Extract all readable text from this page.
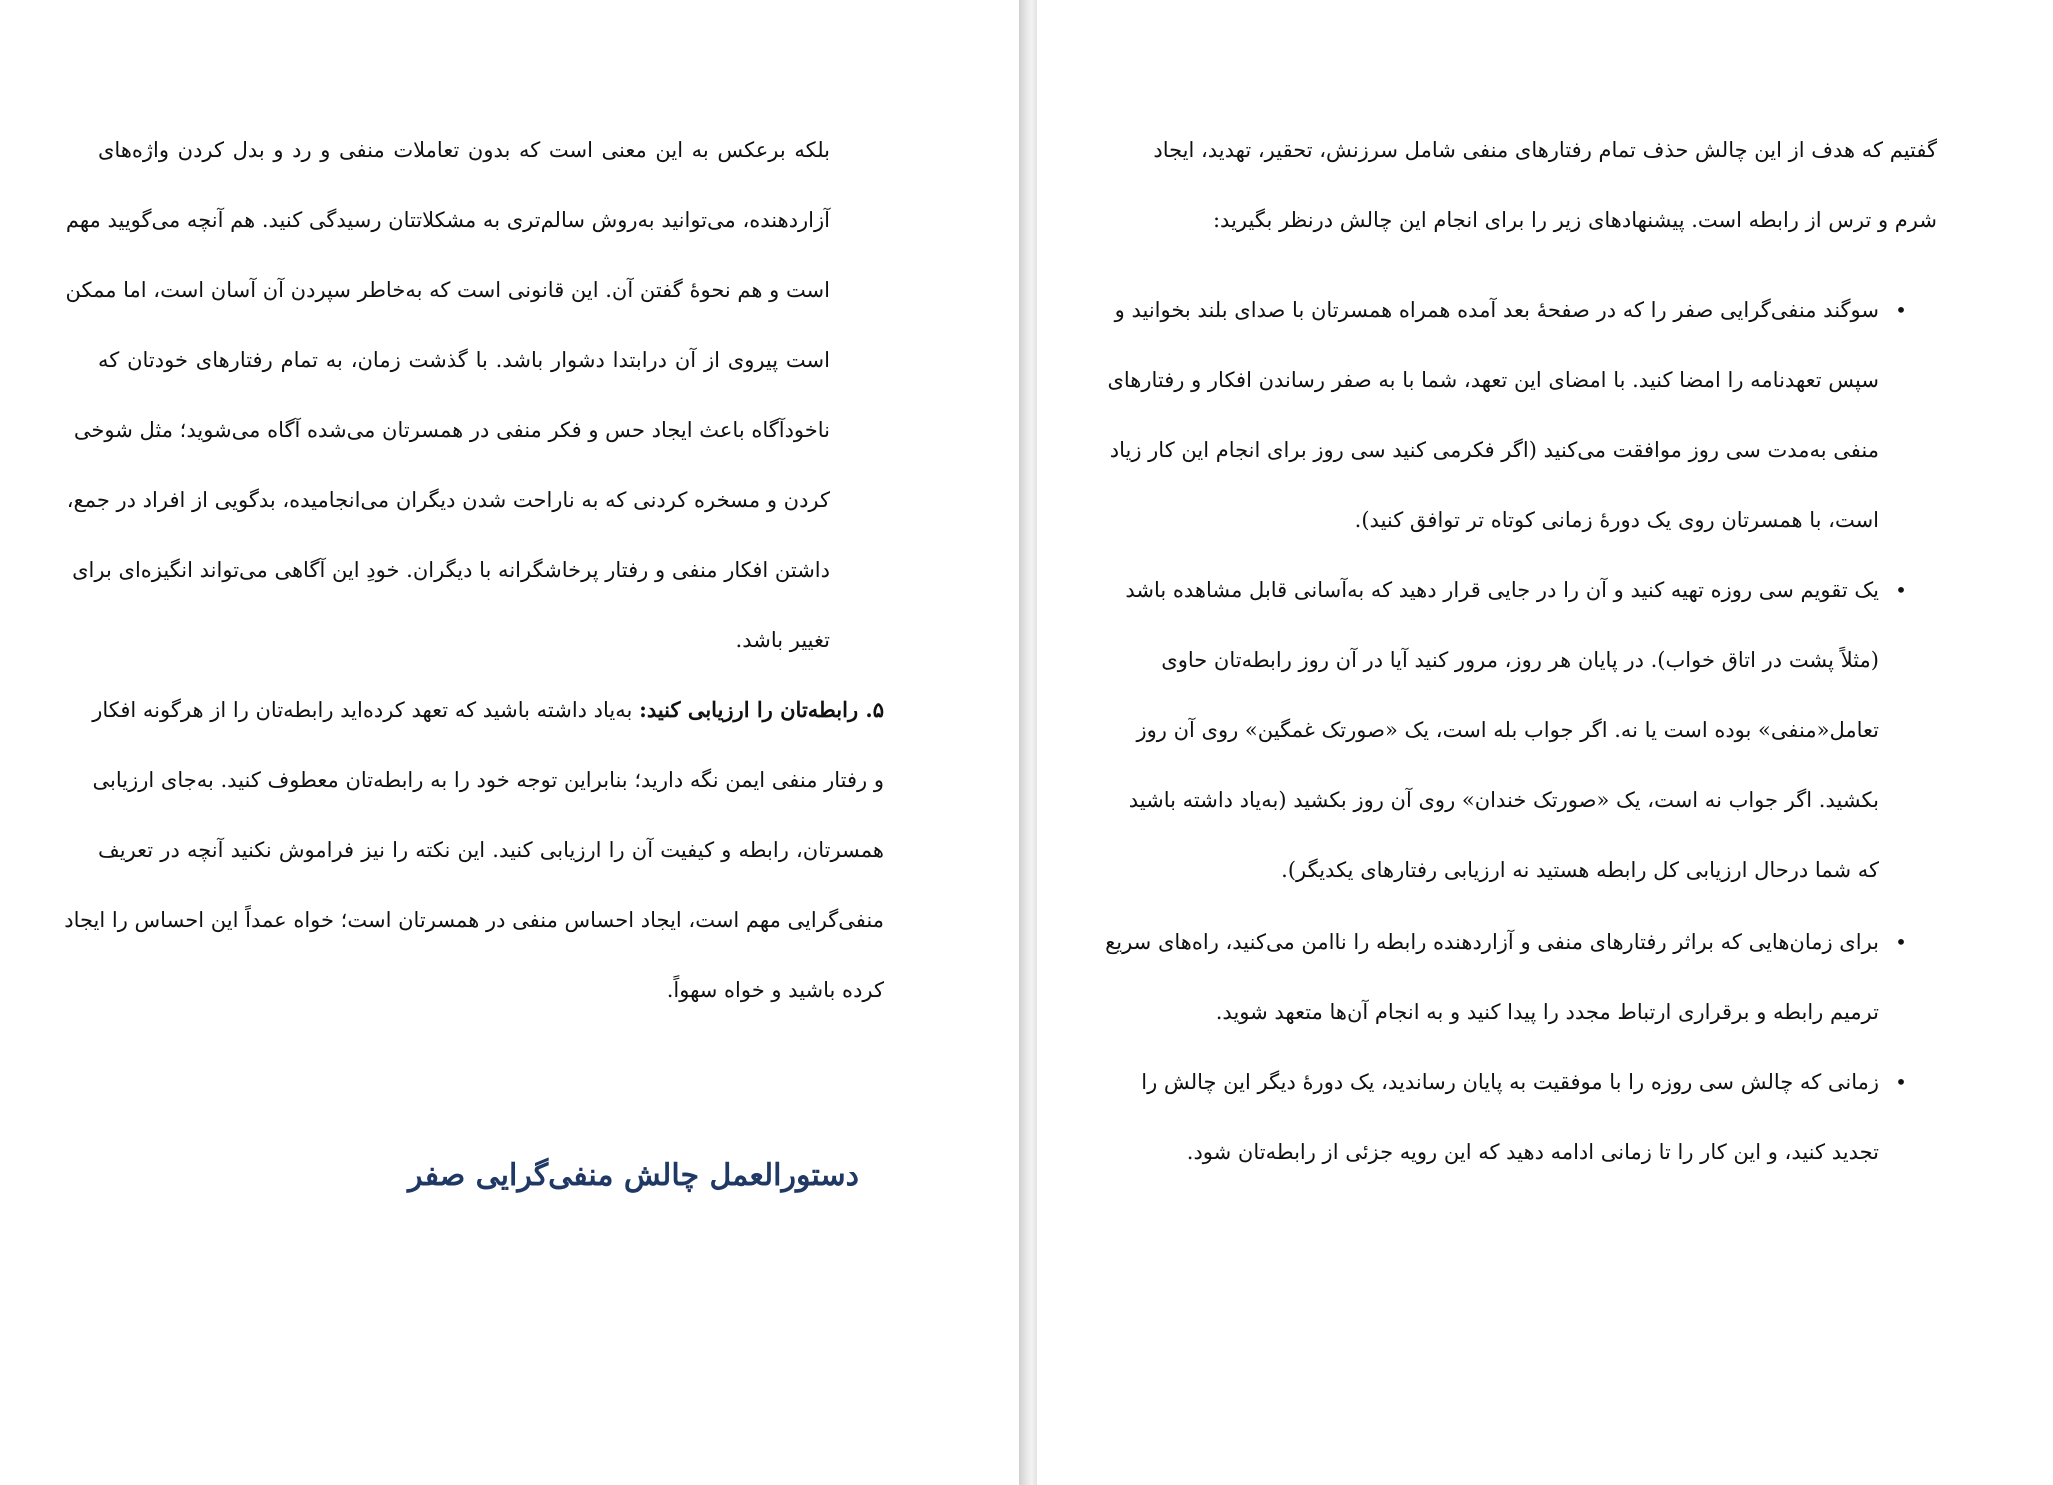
بلکه برعکس به این معنی است که بدون تعاملات منفی و رد و بدل کردن واژه‌های
آزاردهنده، می‌توانید به‌روش سالم‌تری به مشکلاتتان رسیدگی کنید. هم آنچه می‌گویید مهم
است و هم نحوۀ گفتن آن. این قانونی است که به‌خاطر سپردن آن آسان است، اما ممکن
است پیروی از آن درابتدا دشوار باشد. با گذشت زمان، به تمام رفتارهای خودتان که
ناخودآگاه باعث ایجاد حس و فکر منفی در همسرتان می‌شده آگاه می‌شوید؛ مثل شوخی
کردن و مسخره کردنی که به ناراحت شدن دیگران می‌انجامیده، بدگویی از افراد در جمع،
داشتن افکار منفی و رفتار پرخاشگرانه با دیگران. خودِ این آگاهی می‌تواند انگیزه‌ای برای
تغییر باشد.
۵. رابطه‌تان را ارزیابی کنید: به‌یاد داشته باشید که تعهد کرده‌اید رابطه‌تان را از هرگونه افکار
و رفتار منفی ایمن نگه دارید؛ بنابراین توجه خود را به رابطه‌تان معطوف کنید. به‌جای ارزیابی
همسرتان، رابطه و کیفیت آن را ارزیابی کنید. این نکته را نیز فراموش نکنید آنچه در تعریف
منفی‌گرایی مهم است، ایجاد احساس منفی در همسرتان است؛ خواه عمداً این احساس را ایجاد
کرده باشید و خواه سهواً.
دستورالعمل چالش منفی‌گرایی صفر
گفتیم که هدف از این چالش حذف تمام رفتارهای منفی شامل سرزنش، تحقیر، تهدید، ایجاد
شرم و ترس از رابطه است. پیشنهادهای زیر را برای انجام این چالش درنظر بگیرید:
•
سوگند منفی‌گرایی صفر را که در صفحۀ بعد آمده همراه همسرتان با صدای بلند بخوانید و
سپس تعهدنامه را امضا کنید. با امضای این تعهد، شما با به صفر رساندن افکار و رفتارهای
منفی به‌مدت سی روز موافقت می‌کنید (اگر فکرمی کنید سی روز برای انجام این کار زیاد
است، با همسرتان روی یک دورۀ زمانی کوتاه تر توافق کنید).
•
یک تقویم سی روزه تهیه کنید و آن را در جایی قرار دهید که به‌آسانی قابل مشاهده باشد
(مثلاً پشت در اتاق خواب). در پایان هر روز، مرور کنید آیا در آن روز رابطه‌تان حاوی
تعامل«منفی» بوده است یا نه. اگر جواب بله است، یک «صورتک غمگین» روی آن روز
بکشید. اگر جواب نه است، یک «صورتک خندان» روی آن روز بکشید (به‌یاد داشته باشید
که شما درحال ارزیابی کل رابطه هستید نه ارزیابی رفتارهای یکدیگر).
•
برای زمان‌هایی که براثر رفتارهای منفی و آزاردهنده رابطه را ناامن می‌کنید، راه‌های سریع
ترمیم رابطه و برقراری ارتباط مجدد را پیدا کنید و به انجام آن‌ها متعهد شوید.
•
زمانی که چالش سی روزه را با موفقیت به پایان رساندید، یک دورۀ دیگر این چالش را
تجدید کنید، و این کار را تا زمانی ادامه دهید که این رویه جزئی از رابطه‌تان شود.
